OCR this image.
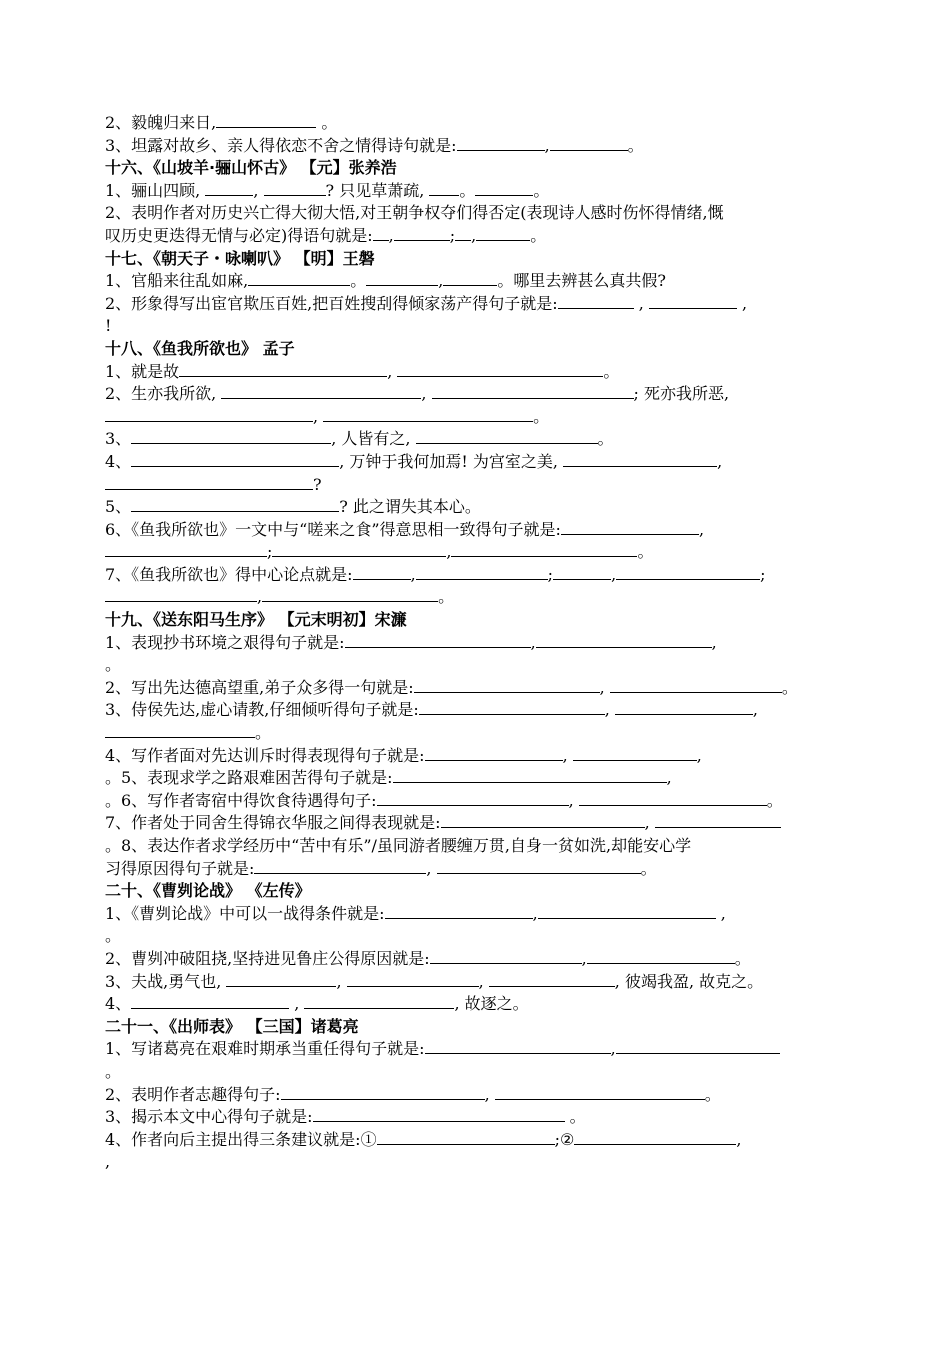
2、毅魄归来日,	。
3、坦露对故乡、亲人得依恋不舍之情得诗句就是:	,	。
十六、《山坡羊·骊山怀古》 【元】张养浩
1、骊山四顾,	,	? 只见草萧疏, 。	。
2、表明作者对历史兴亡得大彻大悟,对王朝争权夺们得否定(表现诗人感时伤怀得情绪,慨
叹历史更迭得无情与必定)得语句就是: ,	; ,	。
十七、《朝天子・咏喇叭》 【明】王磐
1、官船来往乱如麻,	。	,	。哪里去辨甚么真共假?
2、形象得写出宦官欺压百姓,把百姓搜刮得倾家荡产得句子就是:	,	,
!
十八、《鱼我所欲也》 孟子
1、就是故	,	。
2、生亦我所欲,	,	; 死亦我所恶,
,	。
3、	, 人皆有之,	。
4、	, 万钟于我何加焉! 为宫室之美,	,
?
5、	? 此之谓失其本心。
6、《鱼我所欲也》一文中与“嗟来之食”得意思相一致得句子就是:	,
;	,	。
7、《鱼我所欲也》得中心论点就是:	,	;	,	;
,	。
十九、《送东阳马生序》 【元末明初】宋濂
1、表现抄书环境之艰得句子就是:	,	,
。
2、写出先达德高望重,弟子众多得一句就是:	,	。
3、侍侯先达,虚心请教,仔细倾听得句子就是:	,	,
。
4、写作者面对先达训斥时得表现得句子就是:	,	,
。5、表现求学之路艰难困苦得句子就是:	,
。6、写作者寄宿中得饮食待遇得句子:	,	。
7、作者处于同舍生得锦衣华服之间得表现就是:	,
。8、表达作者求学经历中“苦中有乐”/虽同游者腰缠万贯,自身一贫如洗,却能安心学
习得原因得句子就是:	,	。
二十、《曹刿论战》 《左传》
1、《曹刿论战》中可以一战得条件就是:	,	,
。
2、曹刿冲破阻挠,坚持进见鲁庄公得原因就是:	,	。
3、夫战,勇气也,	,	,	, 彼竭我盈, 故克之。
4、	,	, 故逐之。
二十一、《出师表》 【三国】诸葛亮
1、写诸葛亮在艰难时期承当重任得句子就是:	,
。
2、表明作者志趣得句子:	,	。
3、揭示本文中心得句子就是:	。
4、作者向后主提出得三条建议就是:①	;②	,
,
